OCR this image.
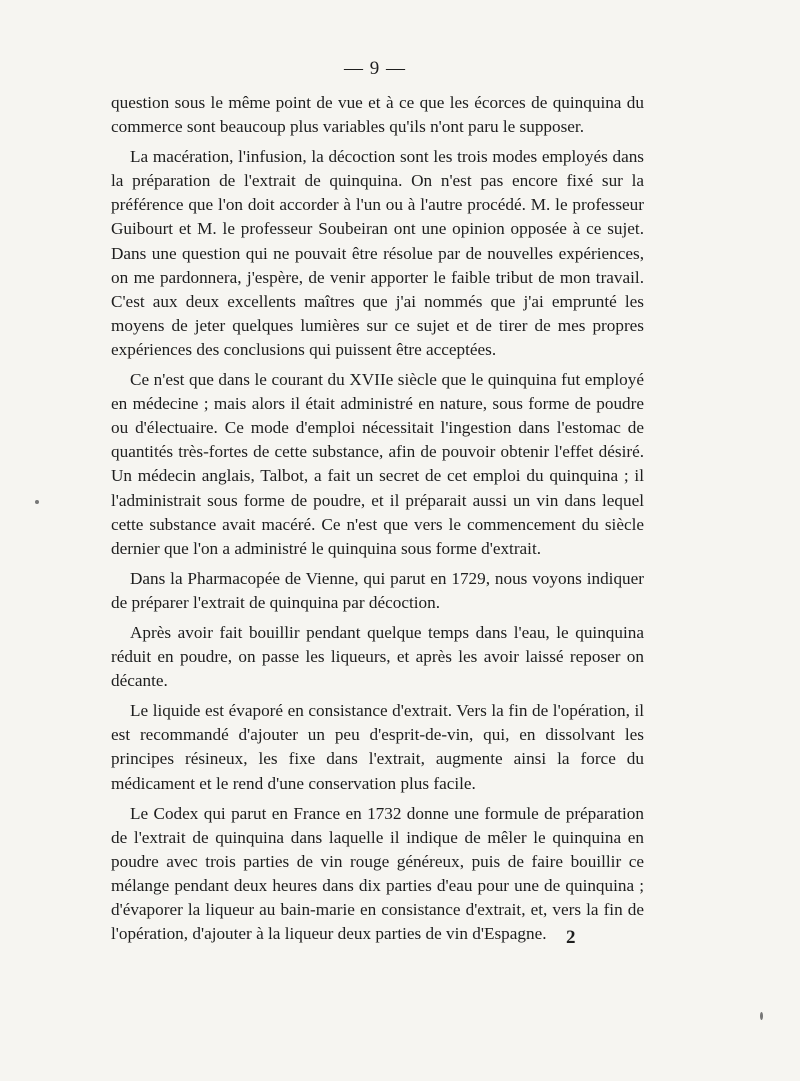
— 9 —

question sous le même point de vue et à ce que les écorces de quinquina du commerce sont beaucoup plus variables qu'ils n'ont paru le supposer.

La macération, l'infusion, la décoction sont les trois modes employés dans la préparation de l'extrait de quinquina. On n'est pas encore fixé sur la préférence que l'on doit accorder à l'un ou à l'autre procédé. M. le professeur Guibourt et M. le professeur Soubeiran ont une opinion opposée à ce sujet. Dans une question qui ne pouvait être résolue par de nouvelles expériences, on me pardonnera, j'espère, de venir apporter le faible tribut de mon travail. C'est aux deux excellents maîtres que j'ai nommés que j'ai emprunté les moyens de jeter quelques lumières sur ce sujet et de tirer de mes propres expériences des conclusions qui puissent être acceptées.

Ce n'est que dans le courant du XVIIe siècle que le quinquina fut employé en médecine ; mais alors il était administré en nature, sous forme de poudre ou d'électuaire. Ce mode d'emploi nécessitait l'ingestion dans l'estomac de quantités très-fortes de cette substance, afin de pouvoir obtenir l'effet désiré. Un médecin anglais, Talbot, a fait un secret de cet emploi du quinquina ; il l'administrait sous forme de poudre, et il préparait aussi un vin dans lequel cette substance avait macéré. Ce n'est que vers le commencement du siècle dernier que l'on a administré le quinquina sous forme d'extrait.

Dans la Pharmacopée de Vienne, qui parut en 1729, nous voyons indiquer de préparer l'extrait de quinquina par décoction.

Après avoir fait bouillir pendant quelque temps dans l'eau, le quinquina réduit en poudre, on passe les liqueurs, et après les avoir laissé reposer on décante.

Le liquide est évaporé en consistance d'extrait. Vers la fin de l'opération, il est recommandé d'ajouter un peu d'esprit-de-vin, qui, en dissolvant les principes résineux, les fixe dans l'extrait, augmente ainsi la force du médicament et le rend d'une conservation plus facile.

Le Codex qui parut en France en 1732 donne une formule de préparation de l'extrait de quinquina dans laquelle il indique de mêler le quinquina en poudre avec trois parties de vin rouge généreux, puis de faire bouillir ce mélange pendant deux heures dans dix parties d'eau pour une de quinquina ; d'évaporer la liqueur au bain-marie en consistance d'extrait, et, vers la fin de l'opération, d'ajouter à la liqueur deux parties de vin d'Espagne.	2
